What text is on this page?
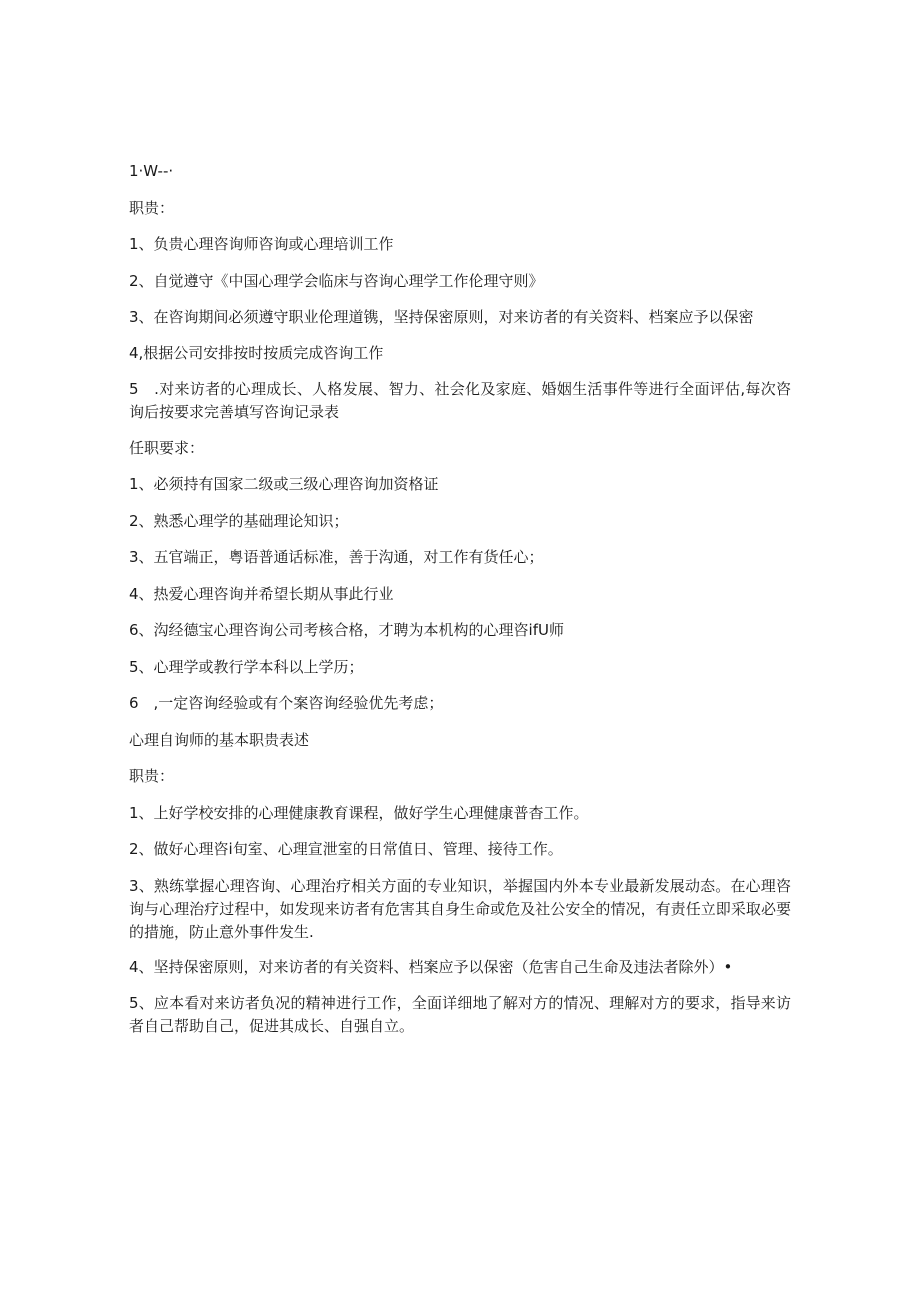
1·W--·
职贵：
1、负贵心理咨询师咨询或心理培训工作
2、自觉遵守《中国心理学会临床与咨询心理学工作伦理守则》
3、在咨询期间必须遵守职业伦理道镌，坚持保密原则，对来访者的有关资料、档案应予以保密
4,根据公司安排按时按质完成咨询工作
5　.对来访者的心理成长、人格发展、智力、社会化及家庭、婚姻生活事件等进行全面评估,每次咨询后按要求完善填写咨询记录表
任职要求：
1、必须持有国家二级或三级心理咨询加资格证
2、熟悉心理学的基础理论知识；
3、五官端正，粤语普通话标准，善于沟通，对工作有货任心；
4、热爱心理咨询并希望长期从事此行业
6、沟经德宝心理咨询公司考核合格，才聘为本机构的心理咨ifU师
5、心理学或教行学本科以上学历；
6　,一定咨询经验或有个案咨询经验优先考虑；
心理自询师的基本职贵表述
职贵：
1、上好学校安排的心理健康教育课程，做好学生心理健康普杳工作。
2、做好心理咨i旬室、心理宣泄室的日常值日、管理、接待工作。
3、熟练掌握心理咨询、心理治疗相关方面的专业知识，举握国内外本专业最新发展动态。在心理咨询与心理治疗过程中，如发现来访者有危害其自身生命或危及社公安全的情况，有责任立即采取必要的措施，防止意外事件发生.
4、坚持保密原则，对来访者的有关资料、档案应予以保密（危害自己生命及违法者除外）•
5、应本看对来访者负况的精神进行工作，全面详细地了解对方的情况、理解对方的要求，指导来访者自己帮助自己，促进其成长、自强自立。
